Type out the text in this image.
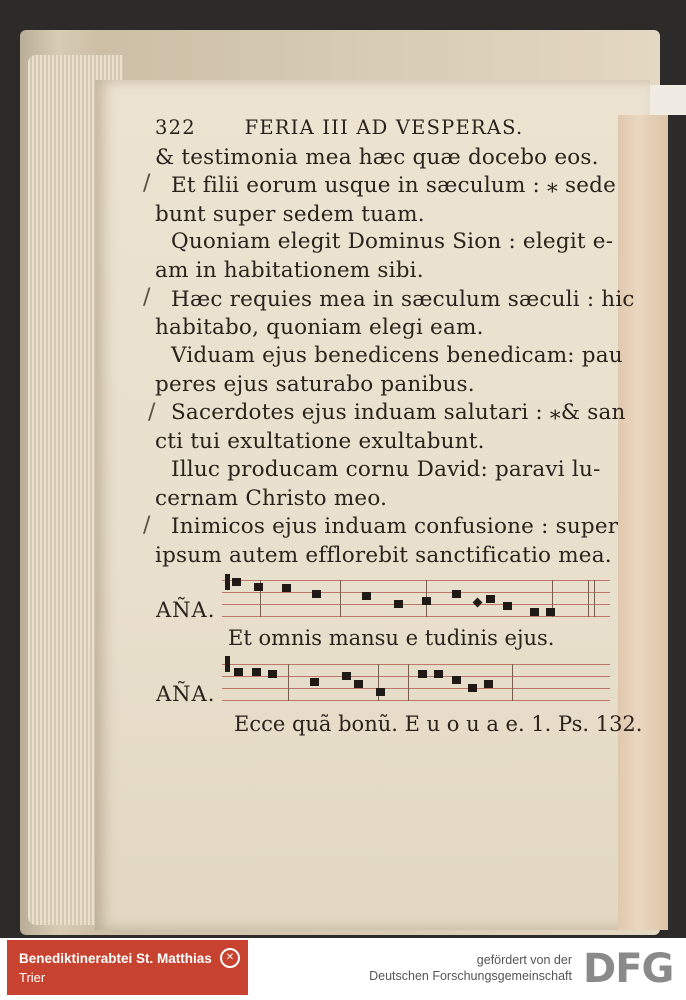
322	FERIA III AD VESPERAS.
& testimonia mea hæc quæ docebo eos.
Et filii eorum usque in sæculum : ⁎ sede
bunt super sedem tuam.
Quoniam elegit Dominus Sion : elegit e-
am in habitationem sibi.
Hæc requies mea in sæculum sæculi : hic
habitabo, quoniam elegi eam.
Viduam ejus benedicens benedicam: pau
peres ejus saturabo panibus.
Sacerdotes ejus induam salutari : ⁎& san
cti tui exultatione exultabunt.
Illuc producam cornu David: paravi lu-
cernam Christo meo.
Inimicos ejus induam confusione : super
ipsum autem efflorebit sanctificatio mea.
/
/
/
/
AÑA.
Et omnis mansu e tudinis ejus.
AÑA.
Ecce quã bonũ. E u o u a e. 1. Ps. 132.
Benediktinerabtei St. Matthias
Trier
✕	gefördert von der
Deutschen Forschungsgemeinschaft DFG
